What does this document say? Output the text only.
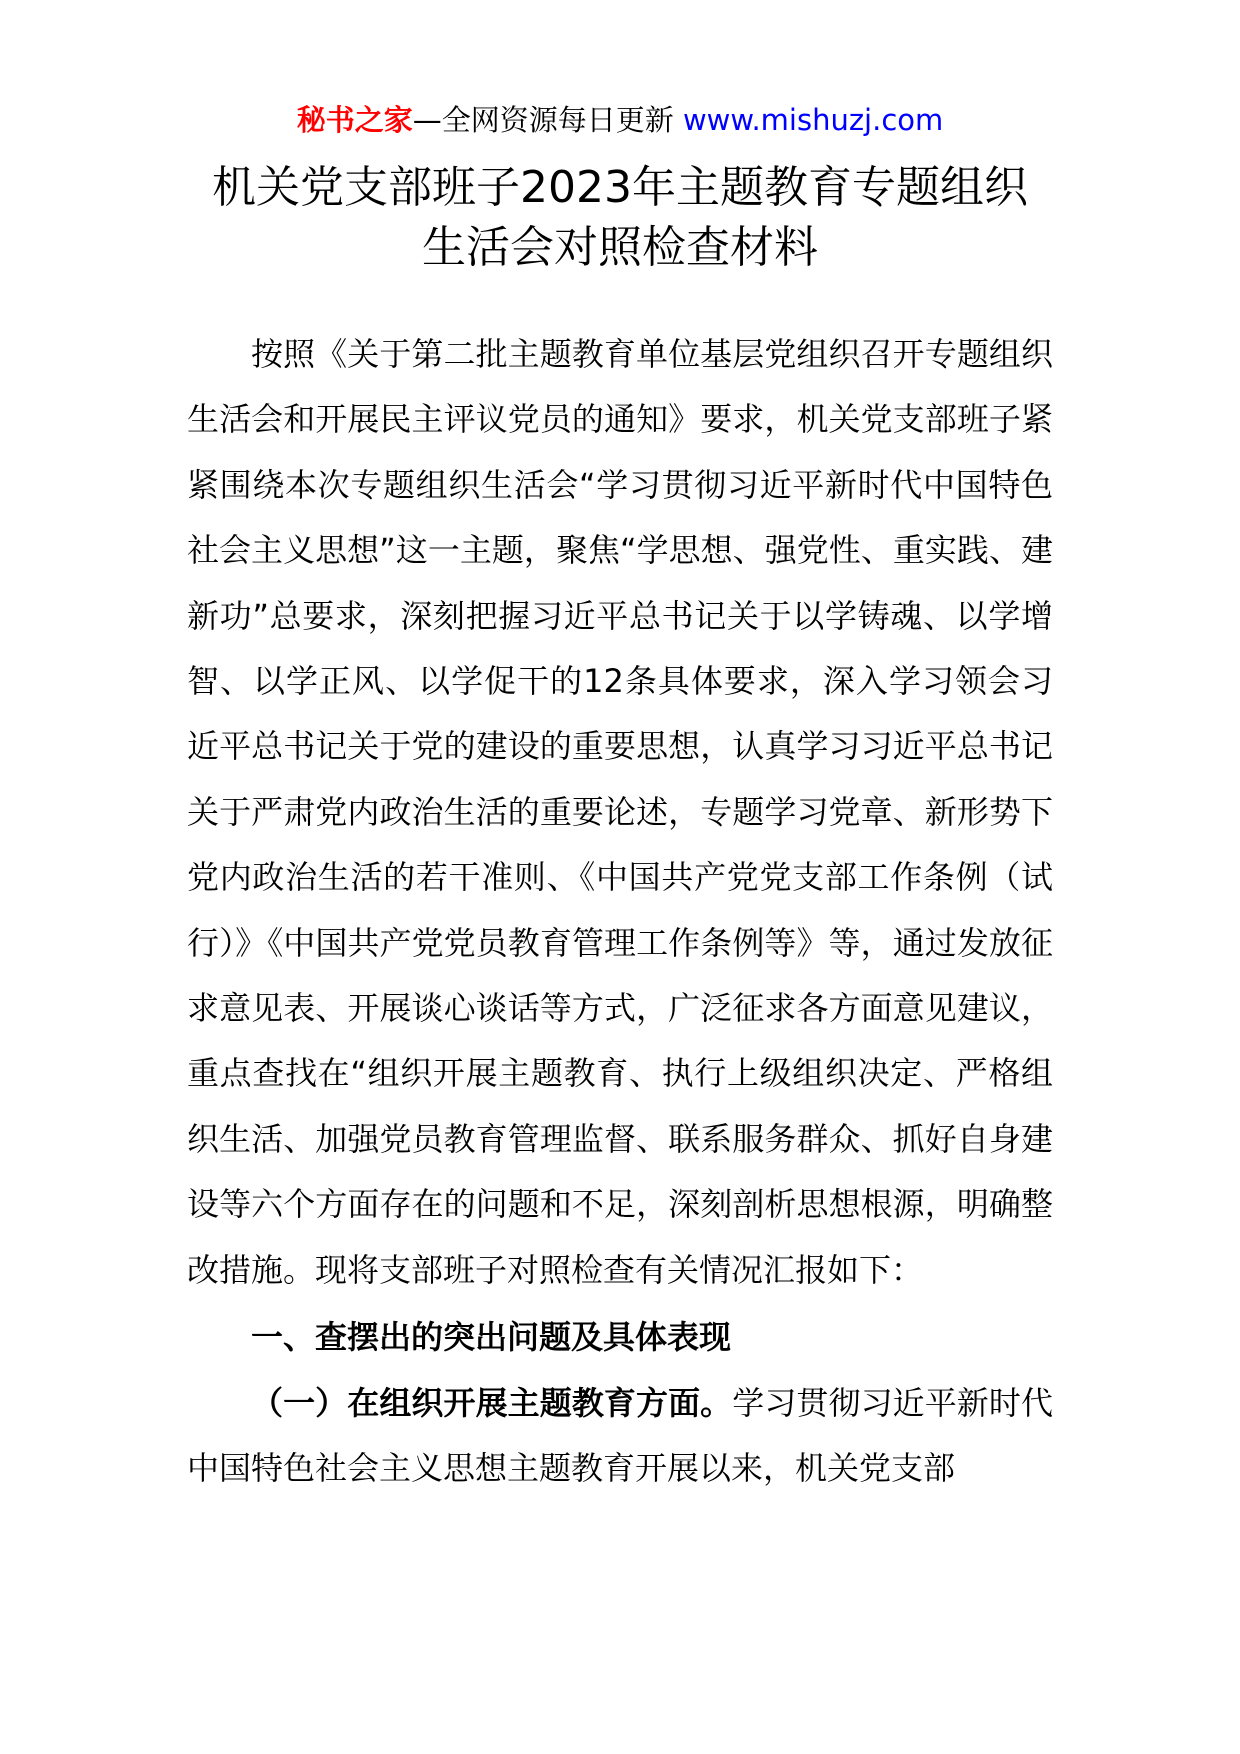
秘书之家—全网资源每日更新 www.mishuzj.com
机关党支部班子2023年主题教育专题组织
生活会对照检查材料

按照《关于第二批主题教育单位基层党组织召开专题组织生活会和开展民主评议党员的通知》要求，机关党支部班子紧紧围绕本次专题组织生活会“学习贯彻习近平新时代中国特色社会主义思想”这一主题，聚焦“学思想、强党性、重实践、建新功”总要求，深刻把握习近平总书记关于以学铸魂、以学增智、以学正风、以学促干的12条具体要求，深入学习领会习近平总书记关于党的建设的重要思想，认真学习习近平总书记关于严肃党内政治生活的重要论述，专题学习党章、新形势下党内政治生活的若干准则、《中国共产党党支部工作条例（试行）》《中国共产党党员教育管理工作条例等》等，通过发放征求意见表、开展谈心谈话等方式，广泛征求各方面意见建议，重点查找在“组织开展主题教育、执行上级组织决定、严格组织生活、加强党员教育管理监督、联系服务群众、抓好自身建设等六个方面存在的问题和不足，深刻剖析思想根源，明确整改措施。现将支部班子对照检查有关情况汇报如下：

一、查摆出的突出问题及具体表现

（一）在组织开展主题教育方面。学习贯彻习近平新时代中国特色社会主义思想主题教育开展以来，机关党支部
